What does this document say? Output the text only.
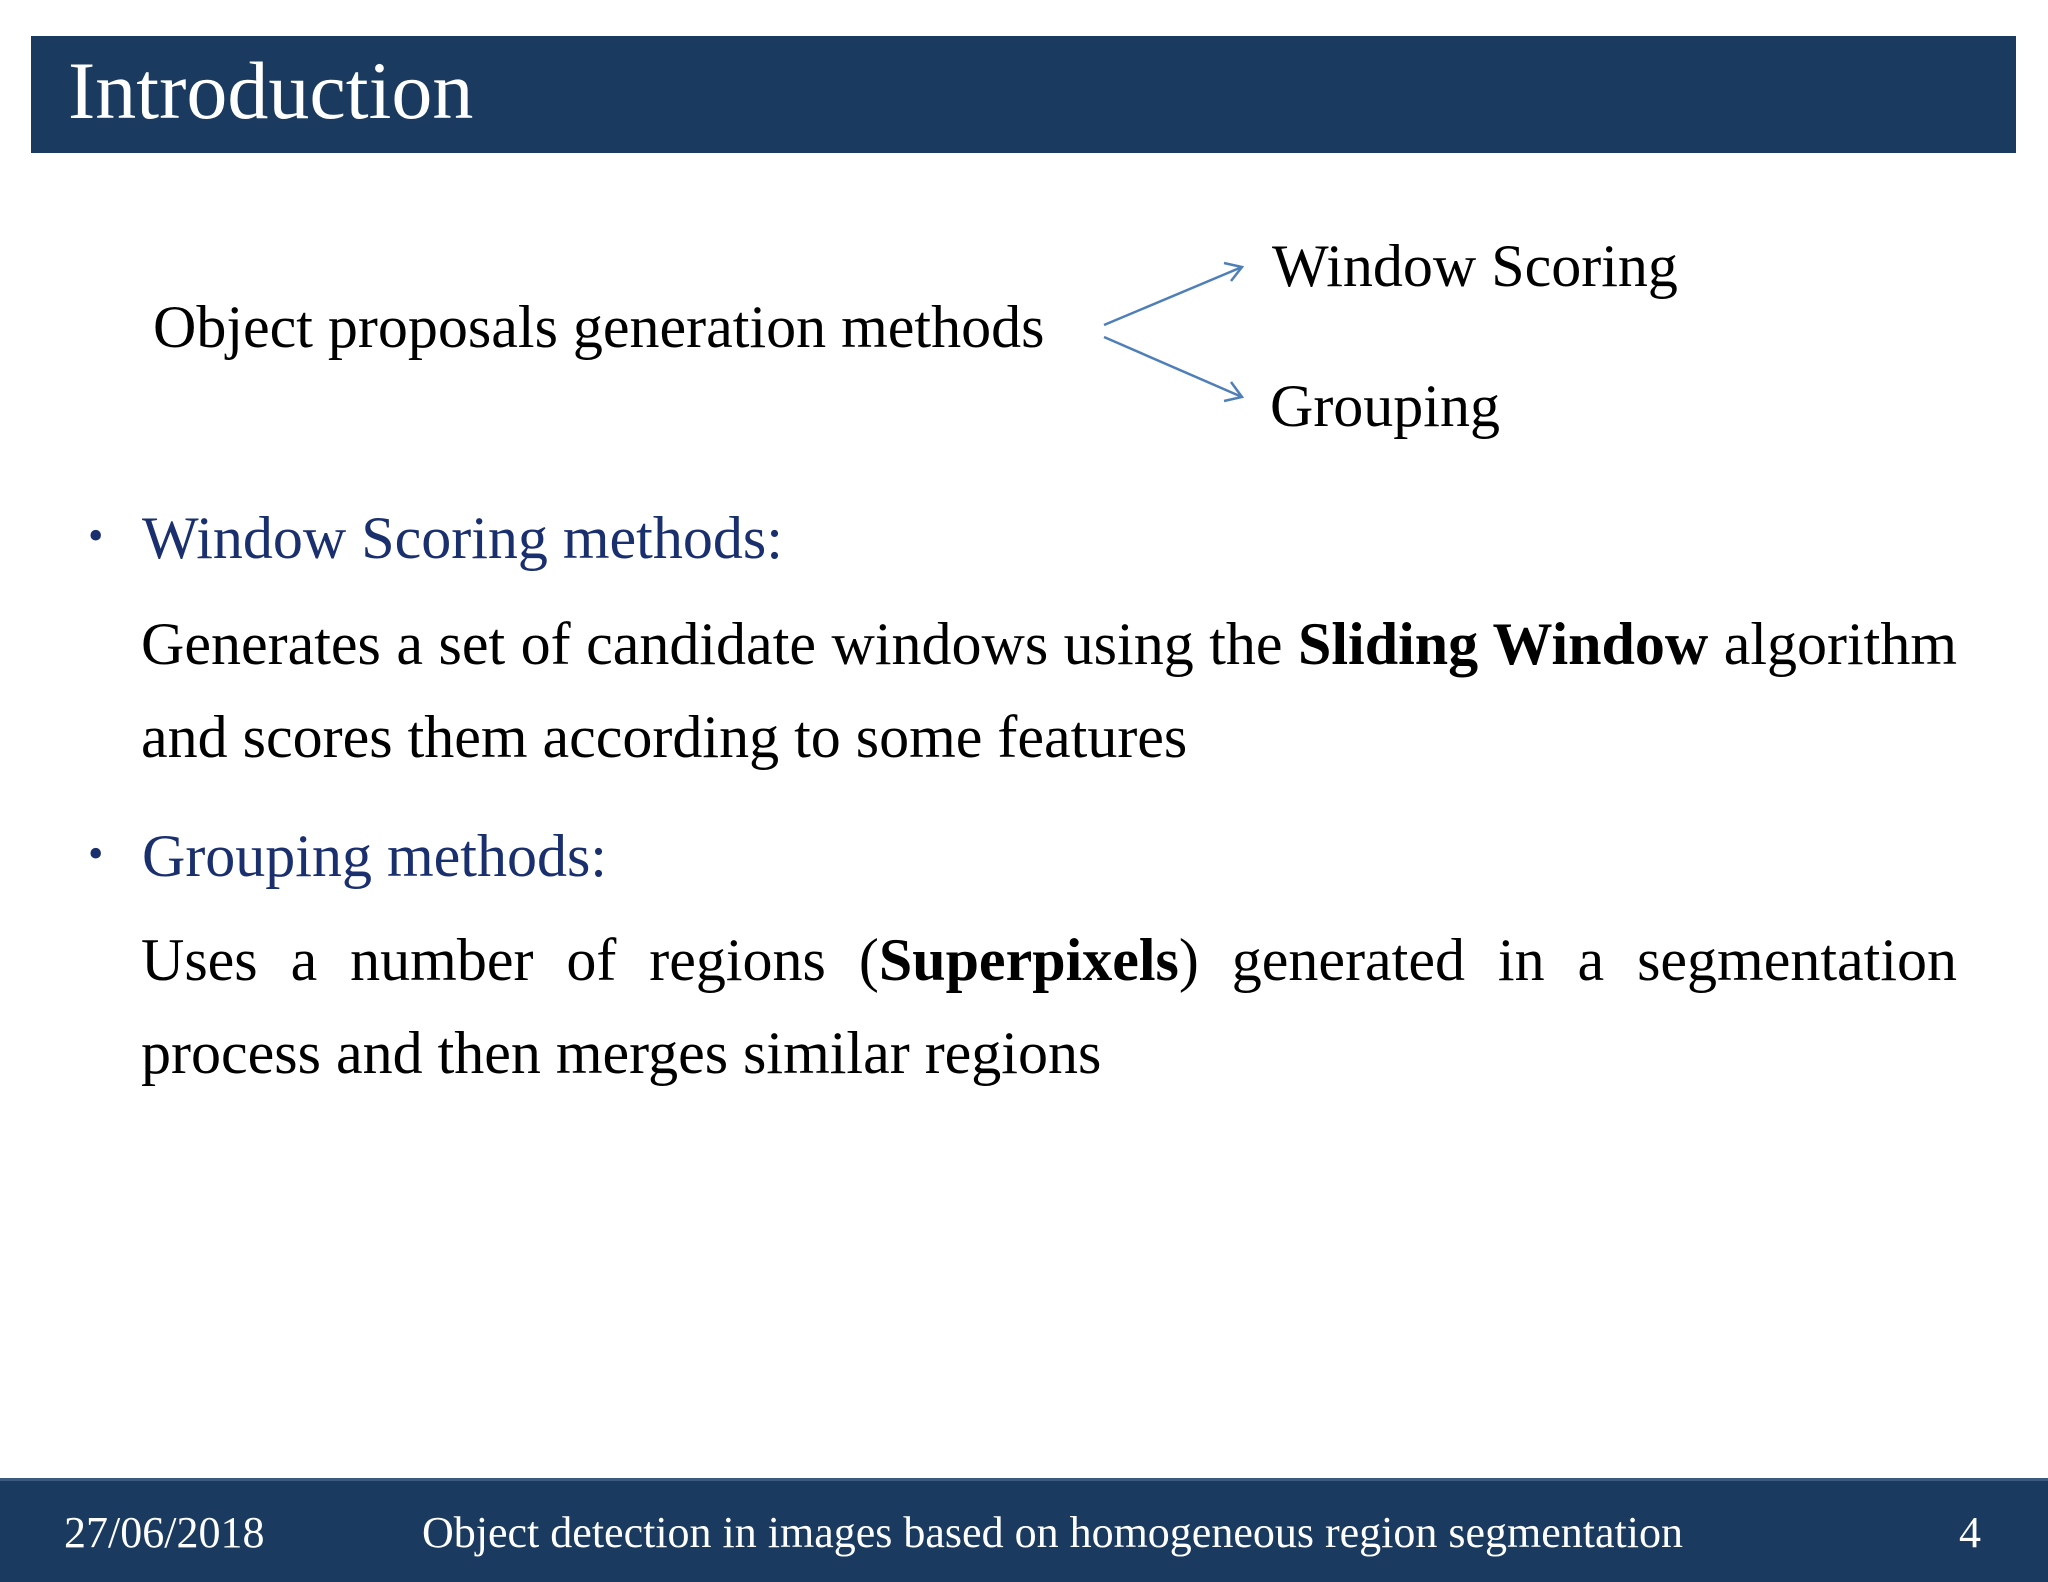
Introduction
Object proposals generation methods
Window Scoring
Grouping
• Window Scoring methods:
Generates a set of candidate windows using the Sliding Window algorithm and scores them according to some features
• Grouping methods:
Uses a number of regions (Superpixels) generated in a segmentation process and then merges similar regions
27/06/2018	Object detection in images based on homogeneous region segmentation	4
